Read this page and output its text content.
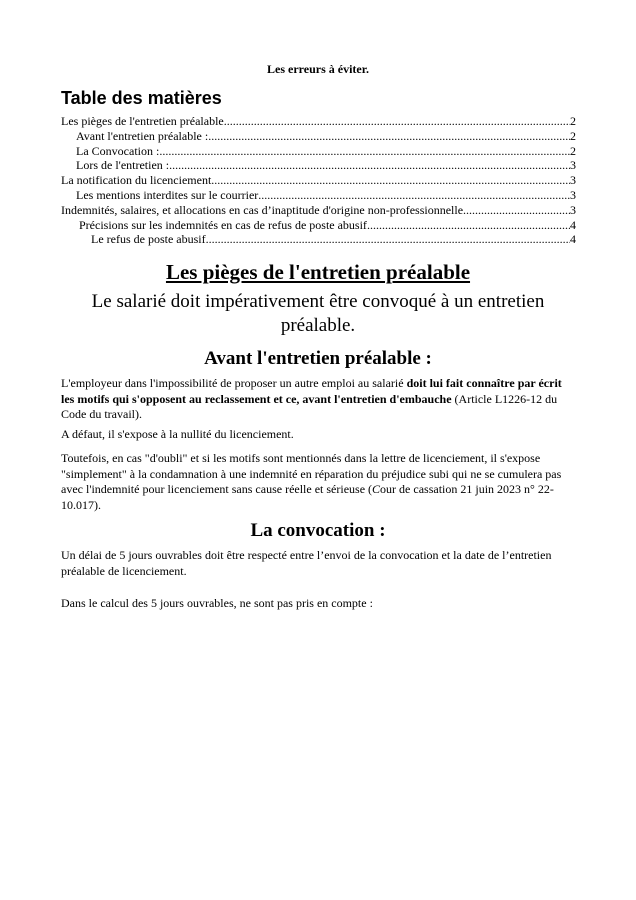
Les erreurs à éviter.
Table des matières
Les pièges de l'entretien préalable .....	2
Avant l'entretien préalable : .....	2
La Convocation : .....	2
Lors de l'entretien : .....	3
La notification du licenciement .....	3
Les mentions interdites sur le courrier .....	3
Indemnités, salaires, et allocations en cas d’inaptitude d'origine non-professionnelle .....	3
Précisions sur les indemnités en cas de refus de poste abusif .....	4
Le refus de poste abusif .....	4
Les pièges de l'entretien préalable
Le salarié doit impérativement être convoqué à un entretien préalable.
Avant l'entretien préalable :
L'employeur dans l'impossibilité de proposer un autre emploi au salarié doit lui fait connaître par écrit les motifs qui s'opposent au reclassement et ce, avant l'entretien d'embauche (Article L1226-12 du Code du travail).
A défaut, il s'expose à la nullité du licenciement.
Toutefois, en cas "d'oubli" et si les motifs sont mentionnés dans la lettre de licenciement, il s'expose "simplement" à la condamnation à une indemnité en réparation du préjudice subi qui ne se cumulera pas avec l'indemnité pour licenciement sans cause réelle et sérieuse (Cour de cassation 21 juin 2023 n° 22-10.017).
La convocation :
Un délai de 5 jours ouvrables doit être respecté entre l’envoi de la convocation et la date de l’entretien préalable de licenciement.
Dans le calcul des 5 jours ouvrables, ne sont pas pris en compte :
